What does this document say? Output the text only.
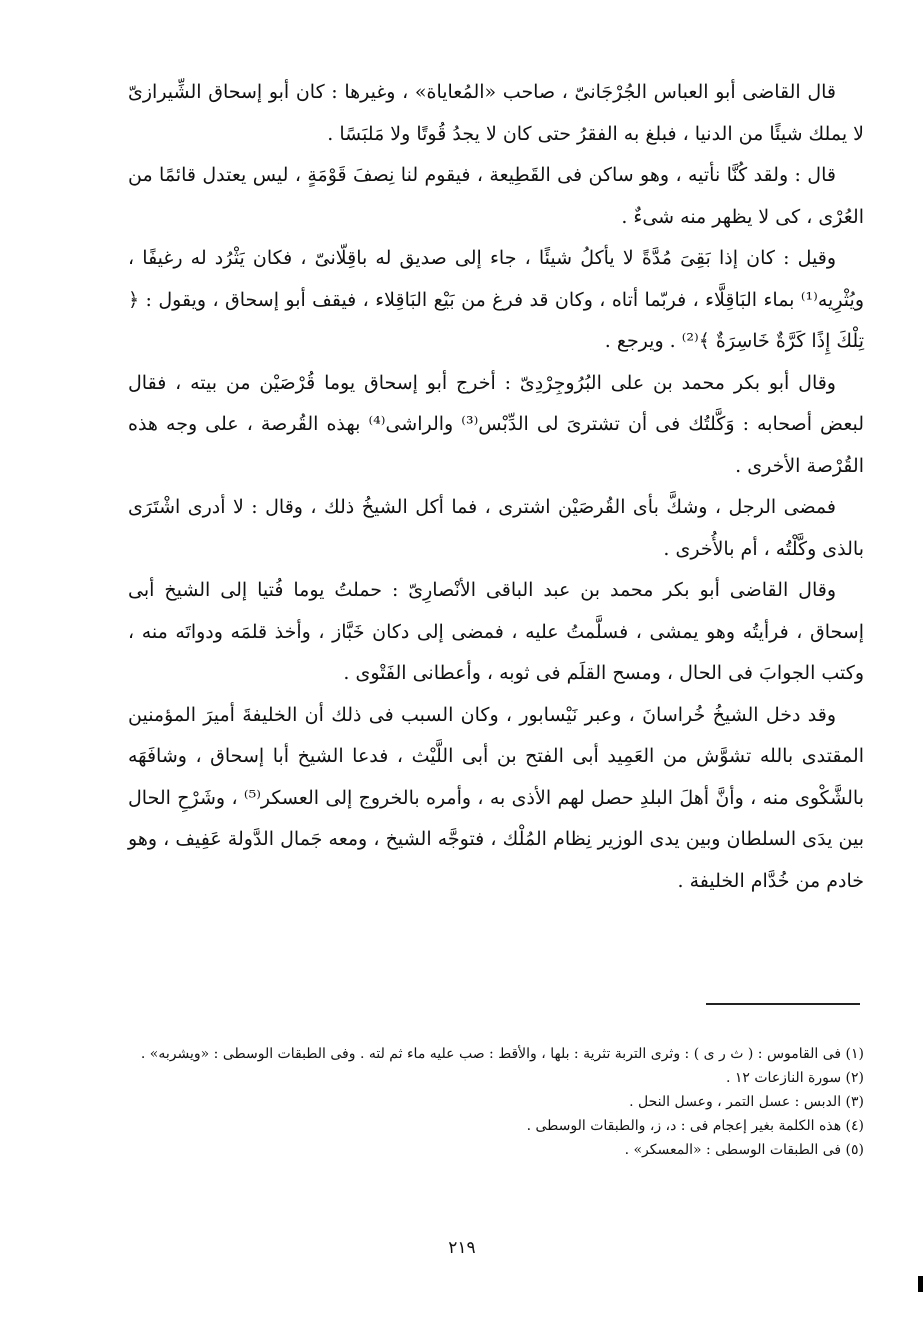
قال القاضى أبو العباس الجُرْجَانىّ ، صاحب «المُعاياة» ، وغيرها : كان أبو إسحاق الشِّيرازىّ لا يملك شيئًا من الدنيا ، فبلغ به الفقرُ حتى كان لا يجدُ قُوتًا ولا مَلبَسًا .

قال : ولقد كُنَّا نأتيه ، وهو ساكن فى القَطِيعة ، فيقوم لنا نِصفَ قَوْمَةٍ ، ليس يعتدل قائمًا من العُرْى ، كى لا يظهر منه شىءٌ .

وقيل : كان إذا بَقِىَ مُدَّةً لا يأكلُ شيئًا ، جاء إلى صديق له باقِلّانىّ ، فكان يَثْرُد له رغيفًا ، ويُثْرِيه⁽¹⁾ بماء البَاقِلَّاء ، فربّما أتاه ، وكان قد فرغ من بَيْع البَاقِلاء ، فيقف أبو إسحاق ، ويقول : ﴿ تِلْكَ إِذًا كَرَّةٌ خَاسِرَةٌ ﴾⁽²⁾ . ويرجع .

وقال أبو بكر محمد بن على البُرُوجِرْدِىّ : أخرج أبو إسحاق يوما قُرْصَيْن من بيته ، فقال لبعض أصحابه : وَكَّلتُك فى أن تشترىَ لى الدِّبْس⁽³⁾ والراشى⁽⁴⁾ بهذه القُرصة ، على وجه هذه القُرْصة الأخرى .

فمضى الرجل ، وشكَّ بأى القُرصَيْن اشترى ، فما أكل الشيخُ ذلك ، وقال : لا أدرى اشْتَرَى بالذى وكَّلْتُه ، أم بالأُخرى .

وقال القاضى أبو بكر محمد بن عبد الباقى الأنْصارِىّ : حملتُ يوما فُتيا إلى الشيخ أبى إسحاق ، فرأيتُه وهو يمشى ، فسلَّمتُ عليه ، فمضى إلى دكان خَبَّاز ، وأخذ قلمَه ودواتَه منه ، وكتب الجوابَ فى الحال ، ومسح القلَم فى ثوبه ، وأعطانى الفَتْوى .

وقد دخل الشيخُ خُراسانَ ، وعبر نَيْسابور ، وكان السبب فى ذلك أن الخليفةَ أميرَ المؤمنين المقتدى بالله تشوَّش من العَمِيد أبى الفتح بن أبى اللَّيْث ، فدعا الشيخ أبا إسحاق ، وشافَهَه بالشَّكْوى منه ، وأنَّ أهلَ البلدِ حصل لهم الأذى به ، وأمره بالخروج إلى العسكر⁽⁵⁾ ، وشَرْحِ الحال بين يدَى السلطان وبين يدى الوزير نِظام المُلْك ، فتوجَّه الشيخ ، ومعه جَمال الدَّولة عَفِيف ، وهو خادم من خُدَّام الخليفة .

(١) فى القاموس : ( ث ر ى ) : وثرى التربة تثرية : بلها ، والأقط : صب عليه ماء ثم لته . وفى الطبقات الوسطى : «ويشربه» .

(٢) سورة النازعات ١٢ .

(٣) الدبس : عسل التمر ، وعسل النحل .

(٤) هذه الكلمة بغير إعجام فى : د، ز، والطبقات الوسطى .

(٥) فى الطبقات الوسطى : «المعسكر» .

٢١٩
